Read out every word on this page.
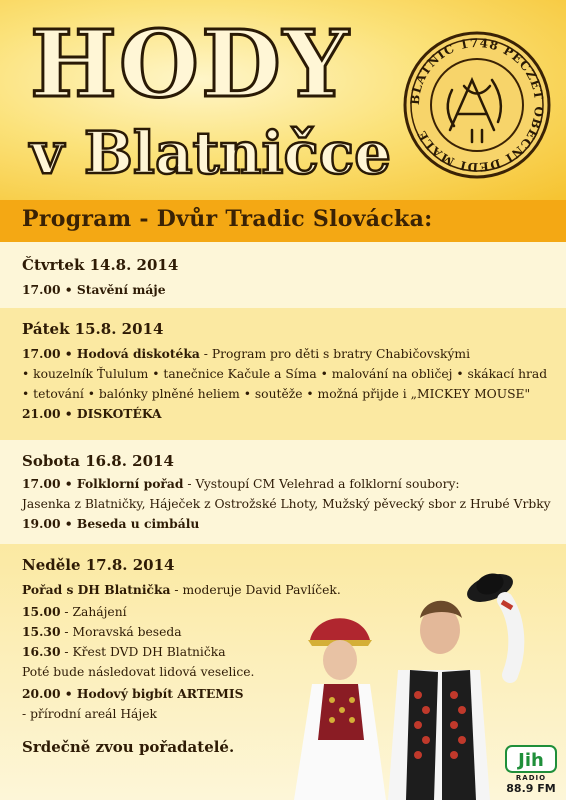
HODY
v Blatničce
BLATNIC 1748 PECZET OBECNI DEDI MALE
Program - Dvůr Tradic Slovácka:
Čtvrtek 14.8. 2014
17.00 • Stavění máje
Pátek 15.8. 2014
17.00 • Hodová diskotéka - Program pro děti s bratry Chabičovskými
• kouzelník Ťululum • tanečnice Kačule a Síma • malování na obličej • skákací hrad
• tetování • balónky plněné heliem • soutěže • možná přijde i „MICKEY MOUSE"
21.00 • DISKOTÉKA
Sobota 16.8. 2014
17.00 • Folklorní pořad - Vystoupí CM Velehrad a folklorní soubory:
Jasenka z Blatničky, Háječek z Ostrožské Lhoty, Mužský pěvecký sbor z Hrubé Vrbky
19.00 • Beseda u cimbálu
Neděle 17.8. 2014
Pořad s DH Blatnička - moderuje David Pavlíček.
15.00 - Zahájení
15.30 - Moravská beseda
16.30 - Křest DVD DH Blatnička
Poté bude následovat lidová veselice.
20.00 • Hodový bigbít ARTEMIS
- přírodní areál Hájek
Srdečně zvou pořadatelé.
Jih
RADIO
88.9 FM
